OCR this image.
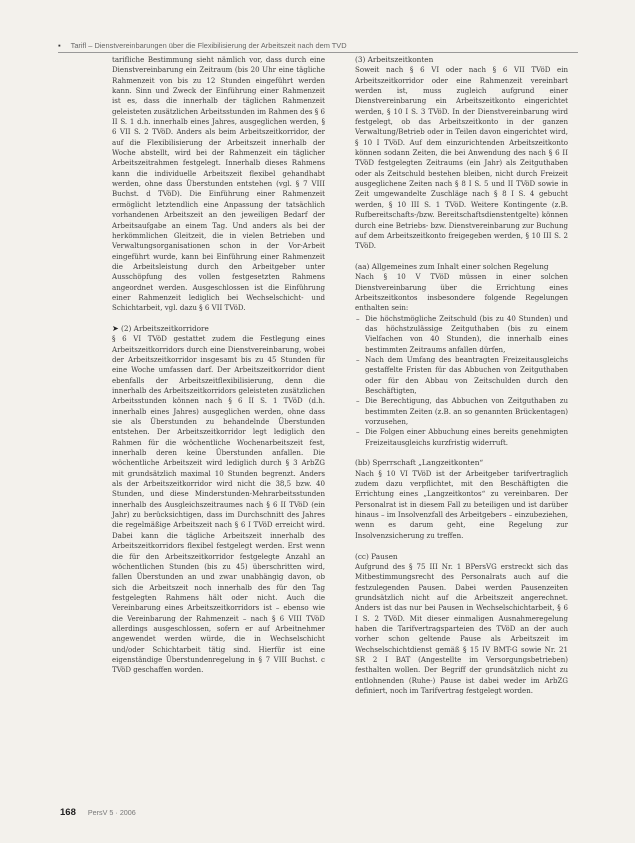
▪ Tarifl – Dienstvereinbarungen über die Flexibilisierung der Arbeitszeit nach dem TVD

tarifliche Bestimmung sieht nämlich vor, dass durch eine Dienstvereinbarung ein Zeitraum (bis 20 Uhr eine tägliche Rahmenzeit von bis zu 12 Stunden eingeführt werden kann. Sinn und Zweck der Einführung einer Rahmenzeit ist es, dass die innerhalb der täglichen Rahmenzeit geleisteten zusätzlichen Arbeitsstunden im Rahmen des § 6 II S. 1 d.h. innerhalb eines Jahres, ausgeglichen werden, § 6 VII S. 2 TVöD. Anders als beim Arbeitszeitkorridor, der auf die Flexibilisierung der Arbeitszeit innerhalb der Woche abstellt, wird bei der Rahmenzeit ein täglicher Arbeitszeitrahmen festgelegt. Innerhalb dieses Rahmens kann die individuelle Arbeitszeit flexibel gehandhabt werden, ohne dass Überstunden entstehen (vgl. § 7 VIII Buchst. d TVöD). Die Einführung einer Rahmenzeit ermöglicht letztendlich eine Anpassung der tatsächlich vorhandenen Arbeitszeit an den jeweiligen Bedarf der Arbeitsaufgabe an einem Tag. Und anders als bei der herkömmlichen Gleitzeit, die in vielen Betrieben und Verwaltungsorganisationen schon in der Vor-Arbeit eingeführt wurde, kann bei Einführung einer Rahmenzeit die Arbeitsleistung durch den Arbeitgeber unter Ausschöpfung des vollen festgesetzten Rahmens angeordnet werden. Ausgeschlossen ist die Einführung einer Rahmenzeit lediglich bei Wechselschicht- und Schichtarbeit, vgl. dazu § 6 VII TVöD.

➤ (2) Arbeitszeitkorridore

§ 6 VI TVöD gestattet zudem die Festlegung eines Arbeitszeitkorridors durch eine Dienstvereinbarung, wobei der Arbeitszeitkorridor insgesamt bis zu 45 Stunden für eine Woche umfassen darf. Der Arbeitszeitkorridor dient ebenfalls der Arbeitszeitflexibilisierung, denn die innerhalb des Arbeitszeitkorridors geleisteten zusätzlichen Arbeitsstunden können nach § 6 II S. 1 TVöD (d.h. innerhalb eines Jahres) ausgeglichen werden, ohne dass sie als Überstunden zu behandelnde Überstunden entstehen. Der Arbeitszeitkorridor legt lediglich den Rahmen für die wöchentliche Wochenarbeitszeit fest, innerhalb deren keine Überstunden anfallen. Die wöchentliche Arbeitszeit wird lediglich durch § 3 ArbZG mit grundsätzlich maximal 10 Stunden begrenzt. Anders als der Arbeitszeitkorridor wird nicht die 38,5 bzw. 40 Stunden, und diese Minderstunden-Mehrarbeitsstunden innerhalb des Ausgleichszeitraumes nach § 6 II TVöD (ein Jahr) zu berücksichtigen, dass im Durchschnitt des Jahres die regelmäßige Arbeitszeit nach § 6 I TVöD erreicht wird. Dabei kann die tägliche Arbeitszeit innerhalb des Arbeitszeitkorridors flexibel festgelegt werden. Erst wenn die für den Arbeitszeitkorridor festgelegte Anzahl an wöchentlichen Stunden (bis zu 45) überschritten wird, fallen Überstunden an und zwar unabhängig davon, ob sich die Arbeitszeit noch innerhalb des für den Tag festgelegten Rahmens hält oder nicht. Auch die Vereinbarung eines Arbeitszeitkorridors ist – ebenso wie die Vereinbarung der Rahmenzeit – nach § 6 VIII TVöD allerdings ausgeschlossen, sofern er auf Arbeitnehmer angewendet werden würde, die in Wechselschicht und/oder Schichtarbeit tätig sind. Hierfür ist eine eigenständige Überstundenregelung in § 7 VIII Buchst. c TVöD geschaffen worden.

(3) Arbeitszeitkonten

Soweit nach § 6 VI oder nach § 6 VII TVöD ein Arbeitszeitkorridor oder eine Rahmenzeit vereinbart werden ist, muss zugleich aufgrund einer Dienstvereinbarung ein Arbeitszeitkonto eingerichtet werden, § 10 I S. 3 TVöD. In der Dienstvereinbarung wird festgelegt, ob das Arbeitszeitkonto in der ganzen Verwaltung/Betrieb oder in Teilen davon eingerichtet wird, § 10 I TVöD. Auf dem einzurichtenden Arbeitszeitkonto können sodann Zeiten, die bei Anwendung des nach § 6 II TVöD festgelegten Zeitraums (ein Jahr) als Zeitguthaben oder als Zeitschuld bestehen bleiben, nicht durch Freizeit ausgeglichene Zeiten nach § 8 I S. 5 und II TVöD sowie in Zeit umgewandelte Zuschläge nach § 8 I S. 4 gebucht werden, § 10 III S. 1 TVöD. Weitere Kontingente (z.B. Rufbereitschafts-/bzw. Bereitschaftsdienstentgelte) können durch eine Betriebs- bzw. Dienstvereinbarung zur Buchung auf dem Arbeitszeitkonto freigegeben werden, § 10 III S. 2 TVöD.

(aa) Allgemeines zum Inhalt einer solchen Regelung

Nach § 10 V TVöD müssen in einer solchen Dienstvereinbarung über die Errichtung eines Arbeitszeitkontos insbesondere folgende Regelungen enthalten sein:

– Die höchstmögliche Zeitschuld (bis zu 40 Stunden) und das höchstzulässige Zeitguthaben (bis zu einem Vielfachen von 40 Stunden), die innerhalb eines bestimmten Zeitraums anfallen dürfen,
– Nach dem Umfang des beantragten Freizeitausgleichs gestaffelte Fristen für das Abbuchen von Zeitguthaben oder für den Abbau von Zeitschulden durch den Beschäftigten,
– Die Berechtigung, das Abbuchen von Zeitguthaben zu bestimmten Zeiten (z.B. an so genannten Brückentagen) vorzusehen,
– Die Folgen einer Abbuchung eines bereits genehmigten Freizeitausgleichs kurzfristig widerruft.
(bb) Sperrschaft „Langzeitkonten“

Nach § 10 VI TVöD ist der Arbeitgeber tarifvertraglich zudem dazu verpflichtet, mit den Beschäftigten die Errichtung eines „Langzeitkontos“ zu vereinbaren. Der Personalrat ist in diesem Fall zu beteiligen und ist darüber hinaus – im Insolvenzfall des Arbeitgebers – einzubeziehen, wenn es darum geht, eine Regelung zur Insolvenzsicherung zu treffen.

(cc) Pausen

Aufgrund des § 75 III Nr. 1 BPersVG erstreckt sich das Mitbestimmungsrecht des Personalrats auch auf die festzulegenden Pausen. Dabei werden Pausenzeiten grundsätzlich nicht auf die Arbeitszeit angerechnet. Anders ist das nur bei Pausen in Wechselschichtarbeit, § 6 I S. 2 TVöD. Mit dieser einmaligen Ausnahmeregelung haben die Tarifvertragsparteien des TVöD an der auch vorher schon geltende Pause als Arbeitszeit im Wechselschichtdienst gemäß § 15 IV BMT-G sowie Nr. 21 SR 2 I BAT (Angestellte im Versorgungsbetrieben) festhalten wollen. Der Begriff der grundsätzlich nicht zu entlohnenden (Ruhe-) Pause ist dabei weder im ArbZG definiert, noch im Tarifvertrag festgelegt worden.

168 PersV 5 · 2006
